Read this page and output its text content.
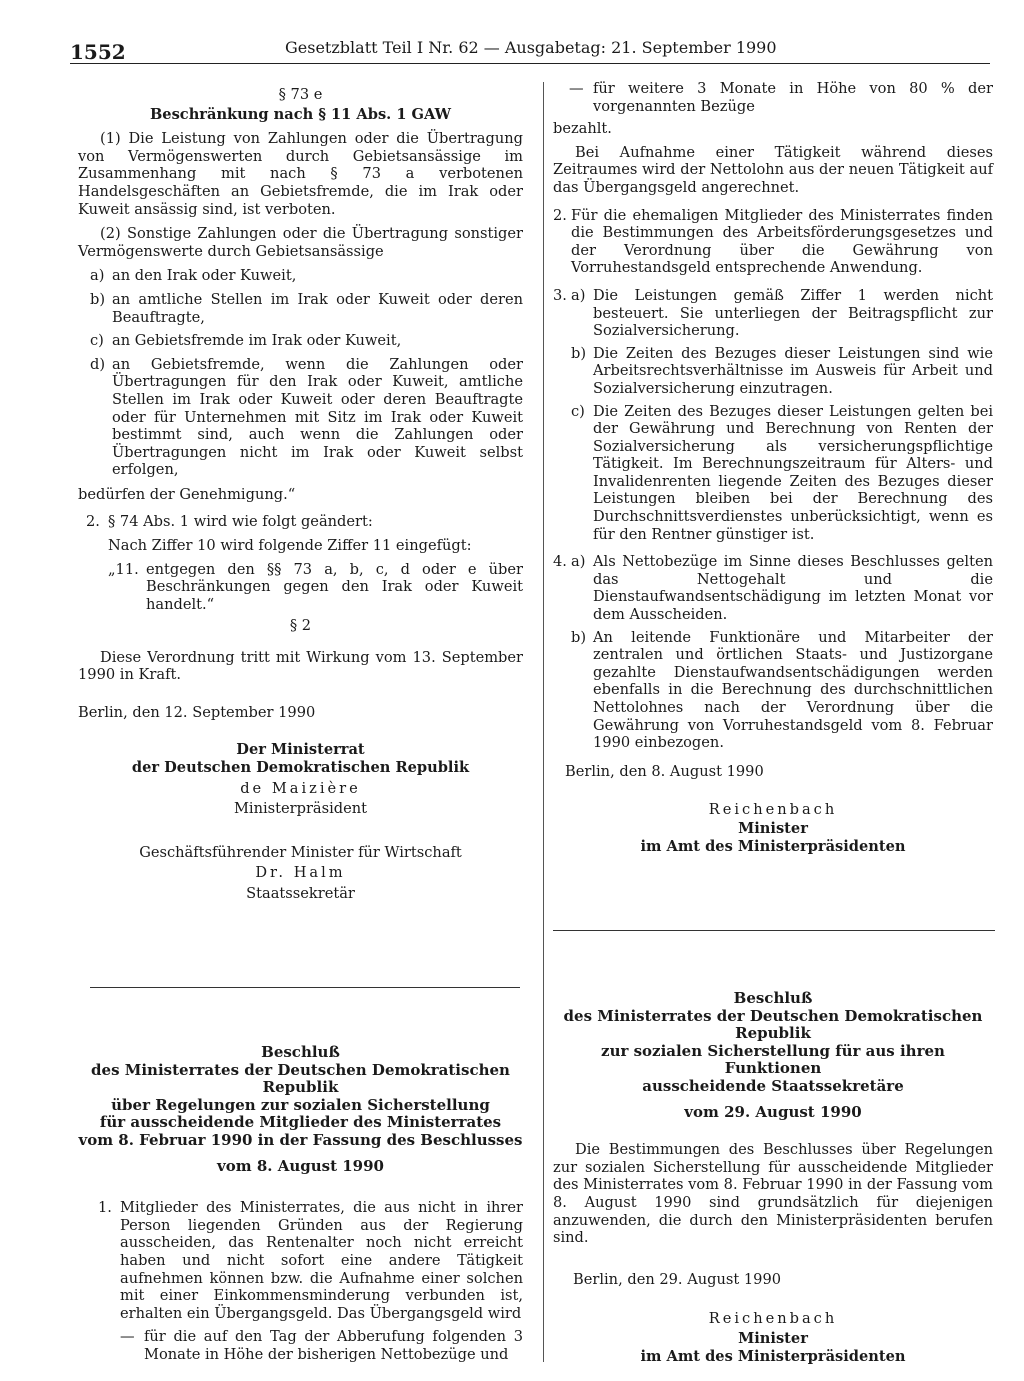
1552	Gesetzblatt Teil I Nr. 62 — Ausgabetag: 21. September 1990

§ 73 e

Beschränkung nach § 11 Abs. 1 GAW

(1) Die Leistung von Zahlungen oder die Übertragung von Vermögenswerten durch Gebietsansässige im Zusammenhang mit nach § 73 a verbotenen Handelsgeschäften an Gebietsfremde, die im Irak oder Kuweit ansässig sind, ist verboten.

(2) Sonstige Zahlungen oder die Übertragung sonstiger Vermögenswerte durch Gebietsansässige

a) an den Irak oder Kuweit,
b) an amtliche Stellen im Irak oder Kuweit oder deren Beauftragte,
c) an Gebietsfremde im Irak oder Kuweit,
d) an Gebietsfremde, wenn die Zahlungen oder Übertragungen für den Irak oder Kuweit, amtliche Stellen im Irak oder Kuweit oder deren Beauftragte oder für Unternehmen mit Sitz im Irak oder Kuweit bestimmt sind, auch wenn die Zahlungen oder Übertragungen nicht im Irak oder Kuweit selbst erfolgen,

bedürfen der Genehmigung.“

2. § 74 Abs. 1 wird wie folgt geändert:

Nach Ziffer 10 wird folgende Ziffer 11 eingefügt:

„11. entgegen den §§ 73 a, b, c, d oder e über Beschränkungen gegen den Irak oder Kuweit handelt.“

§ 2

Diese Verordnung tritt mit Wirkung vom 13. September 1990 in Kraft.

Berlin, den 12. September 1990

Der Ministerrat

der Deutschen Demokratischen Republik

de Maizière

Ministerpräsident

Geschäftsführender Minister für Wirtschaft

Dr. Halm

Staatssekretär

Beschluß

des Ministerrates der Deutschen Demokratischen Republik

über Regelungen zur sozialen Sicherstellung

für ausscheidende Mitglieder des Ministerrates

vom 8. Februar 1990 in der Fassung des Beschlusses

vom 8. August 1990

1. Mitglieder des Ministerrates, die aus nicht in ihrer Person liegenden Gründen aus der Regierung ausscheiden, das Rentenalter noch nicht erreicht haben und nicht sofort eine andere Tätigkeit aufnehmen können bzw. die Aufnahme einer solchen mit einer Einkommensminderung verbunden ist, erhalten ein Übergangsgeld. Das Übergangsgeld wird
— für die auf den Tag der Abberufung folgenden 3 Monate in Höhe der bisherigen Nettobezüge und
— für weitere 3 Monate in Höhe von 80 % der vorgenannten Bezüge

bezahlt.

Bei Aufnahme einer Tätigkeit während dieses Zeitraumes wird der Nettolohn aus der neuen Tätigkeit auf das Übergangsgeld angerechnet.

2. Für die ehemaligen Mitglieder des Ministerrates finden die Bestimmungen des Arbeitsförderungsgesetzes und der Verordnung über die Gewährung von Vorruhestandsgeld entsprechende Anwendung.
3. a) Die Leistungen gemäß Ziffer 1 werden nicht besteuert. Sie unterliegen der Beitragspflicht zur Sozialversicherung.
b) Die Zeiten des Bezuges dieser Leistungen sind wie Arbeitsrechtsverhältnisse im Ausweis für Arbeit und Sozialversicherung einzutragen.
c) Die Zeiten des Bezuges dieser Leistungen gelten bei der Gewährung und Berechnung von Renten der Sozialversicherung als versicherungspflichtige Tätigkeit. Im Berechnungszeitraum für Alters- und Invalidenrenten liegende Zeiten des Bezuges dieser Leistungen bleiben bei der Berechnung des Durchschnittsverdienstes unberücksichtigt, wenn es für den Rentner günstiger ist.
4. a) Als Nettobezüge im Sinne dieses Beschlusses gelten das Nettogehalt und die Dienstaufwandsentschädigung im letzten Monat vor dem Ausscheiden.
b) An leitende Funktionäre und Mitarbeiter der zentralen und örtlichen Staats- und Justizorgane gezahlte Dienstaufwandsentschädigungen werden ebenfalls in die Berechnung des durchschnittlichen Nettolohnes nach der Verordnung über die Gewährung von Vorruhestandsgeld vom 8. Februar 1990 einbezogen.

Berlin, den 8. August 1990

Reichenbach

Minister

im Amt des Ministerpräsidenten

Beschluß

des Ministerrates der Deutschen Demokratischen Republik

zur sozialen Sicherstellung für aus ihren Funktionen

ausscheidende Staatssekretäre

vom 29. August 1990

Die Bestimmungen des Beschlusses über Regelungen zur sozialen Sicherstellung für ausscheidende Mitglieder des Ministerrates vom 8. Februar 1990 in der Fassung vom 8. August 1990 sind grundsätzlich für diejenigen anzuwenden, die durch den Ministerpräsidenten berufen sind.

Berlin, den 29. August 1990

Reichenbach

Minister

im Amt des Ministerpräsidenten
